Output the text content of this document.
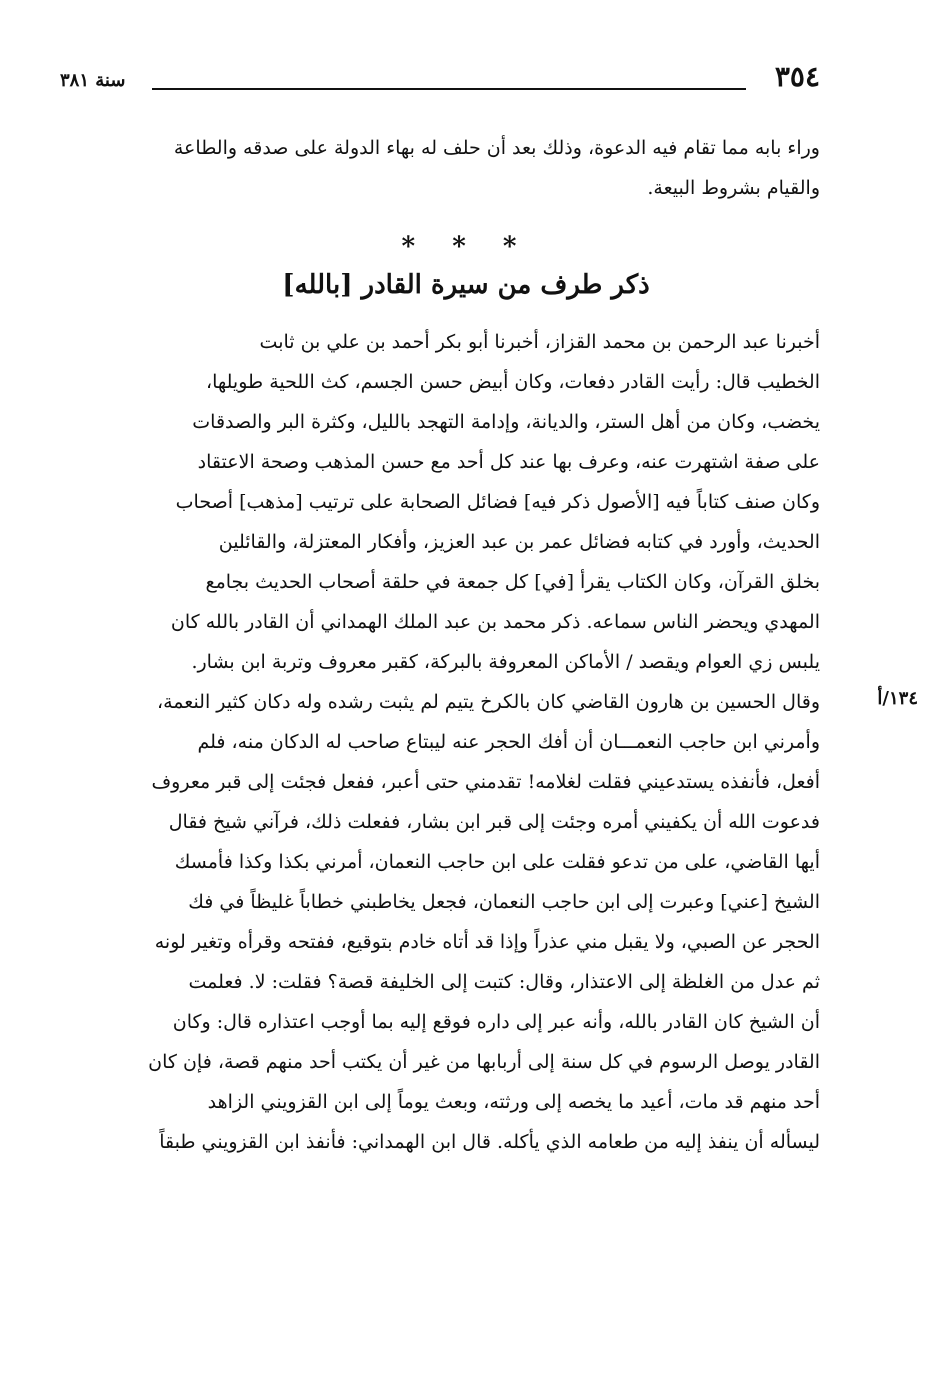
٣٥٤
سنة ٣٨١
وراء بابه مما تقام فيه الدعوة، وذلك بعد أن حلف له بهاء الدولة على صدقه والطاعة
والقيام بشروط البيعة.
* * *
ذكر طرف من سيرة القادر [بالله]
أخبرنا عبد الرحمن بن محمد القزاز، أخبرنا أبو بكر أحمد بن علي بن ثابت
الخطيب قال: رأيت القادر دفعات، وكان أبيض حسن الجسم، كث اللحية طويلها،
يخضب، وكان من أهل الستر، والديانة، وإدامة التهجد بالليل، وكثرة البر والصدقات
على صفة اشتهرت عنه، وعرف بها عند كل أحد مع حسن المذهب وصحة الاعتقاد
وكان صنف كتاباً فيه [الأصول ذكر فيه] فضائل الصحابة على ترتيب [مذهب] أصحاب
الحديث، وأورد في كتابه فضائل عمر بن عبد العزيز، وأفكار المعتزلة، والقائلين
بخلق القرآن، وكان الكتاب يقرأ [في] كل جمعة في حلقة أصحاب الحديث بجامع
المهدي ويحضر الناس سماعه. ذكر محمد بن عبد الملك الهمداني أن القادر بالله كان
يلبس زي العوام ويقصد / الأماكن المعروفة بالبركة، كقبر معروف وتربة ابن بشار.
وقال الحسين بن هارون القاضي كان بالكرخ يتيم لم يثبت رشده وله دكان كثير النعمة،
وأمرني ابن حاجب النعمـــان أن أفك الحجر عنه ليبتاع صاحب له الدكان منه، فلم
أفعل، فأنفذه يستدعيني فقلت لغلامه! تقدمني حتى أعبر، ففعل فجئت إلى قبر معروف
فدعوت الله أن يكفيني أمره وجئت إلى قبر ابن بشار، ففعلت ذلك، فرآني شيخ فقال
أيها القاضي، على من تدعو فقلت على ابن حاجب النعمان، أمرني بكذا وكذا فأمسك
الشيخ [عني] وعبرت إلى ابن حاجب النعمان، فجعل يخاطبني خطاباً غليظاً في فك
الحجر عن الصبي، ولا يقبل مني عذراً وإذا قد أتاه خادم بتوقيع، ففتحه وقرأه وتغير لونه
ثم عدل من الغلظة إلى الاعتذار، وقال: كتبت إلى الخليفة قصة؟ فقلت: لا. فعلمت
أن الشيخ كان القادر بالله، وأنه عبر إلى داره فوقع إليه بما أوجب اعتذاره قال: وكان
القادر يوصل الرسوم في كل سنة إلى أربابها من غير أن يكتب أحد منهم قصة، فإن كان
أحد منهم قد مات، أعيد ما يخصه إلى ورثته، وبعث يوماً إلى ابن القزويني الزاهد
ليسأله أن ينفذ إليه من طعامه الذي يأكله. قال ابن الهمداني: فأنفذ ابن القزويني طبقاً
١٣٤/أ
